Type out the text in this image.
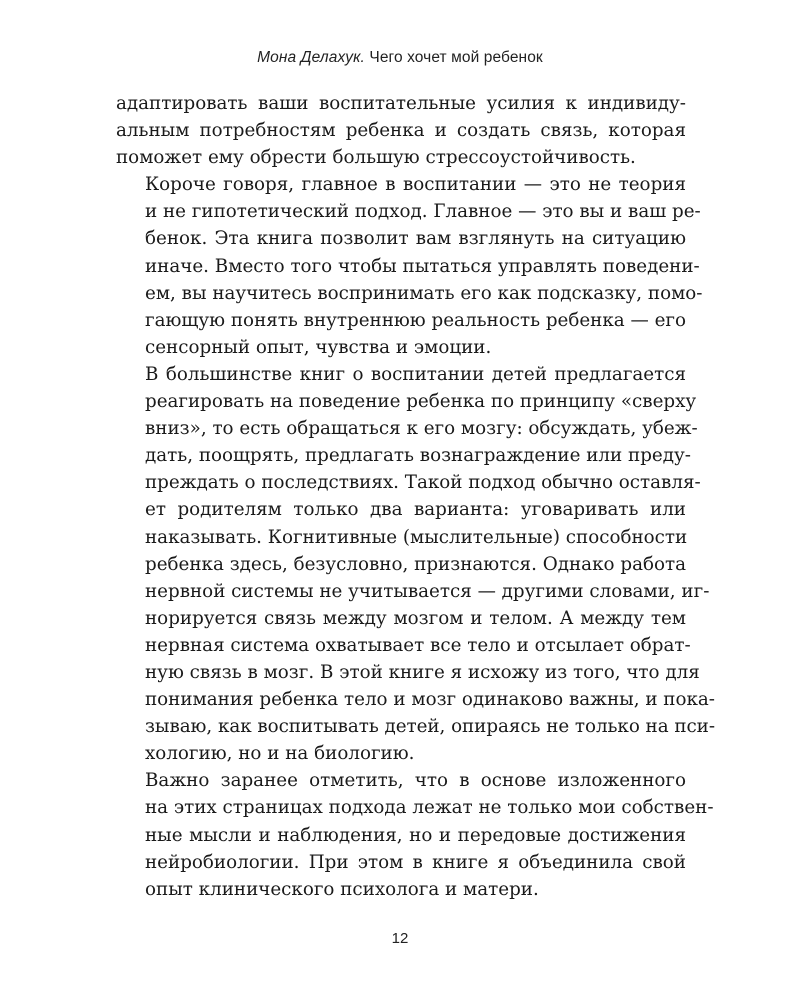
Мона Делахук. Чего хочет мой ребенок

адаптировать ваши воспитательные усилия к индивиду-
альным потребностям ребенка и создать связь, которая
поможет ему обрести большую стрессоустойчивость.

Короче говоря, главное в воспитании — это не теория
и не гипотетический подход. Главное — это вы и ваш ре-
бенок. Эта книга позволит вам взглянуть на ситуацию
иначе. Вместо того чтобы пытаться управлять поведени-
ем, вы научитесь воспринимать его как подсказку, помо-
гающую понять внутреннюю реальность ребенка — его
сенсорный опыт, чувства и эмоции.

В большинстве книг о воспитании детей предлагается
реагировать на поведение ребенка по принципу «сверху
вниз», то есть обращаться к его мозгу: обсуждать, убеж-
дать, поощрять, предлагать вознаграждение или преду-
преждать о последствиях. Такой подход обычно оставля-
ет родителям только два варианта: уговаривать или
наказывать. Когнитивные (мыслительные) способности
ребенка здесь, безусловно, признаются. Однако работа
нервной системы не учитывается — другими словами, иг-
норируется связь между мозгом и телом. А между тем
нервная система охватывает все тело и отсылает обрат-
ную связь в мозг. В этой книге я исхожу из того, что для
понимания ребенка тело и мозг одинаково важны, и пока-
зываю, как воспитывать детей, опираясь не только на пси-
хологию, но и на биологию.

Важно заранее отметить, что в основе изложенного
на этих страницах подхода лежат не только мои собствен-
ные мысли и наблюдения, но и передовые достижения
нейробиологии. При этом в книге я объединила свой
опыт клинического психолога и матери.

12
